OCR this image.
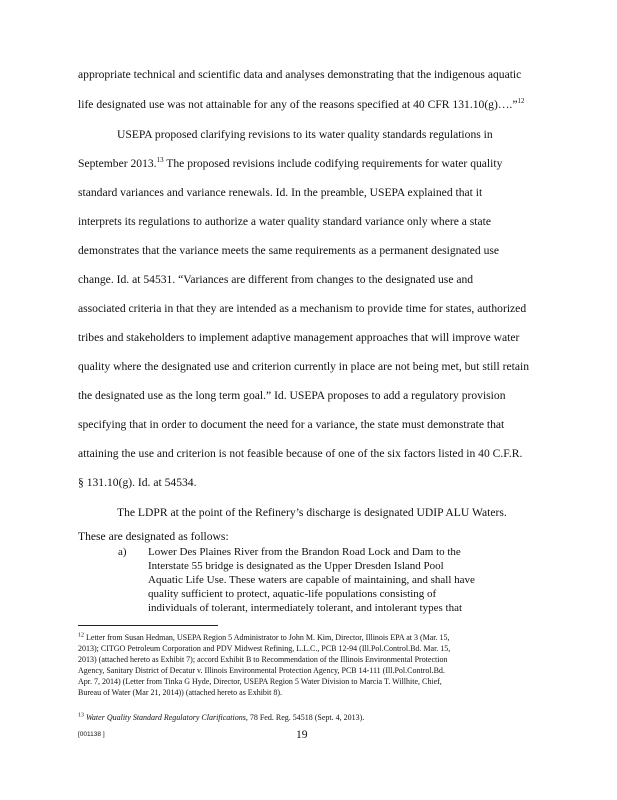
appropriate technical and scientific data and analyses demonstrating that the indigenous aquatic
life designated use was not attainable for any of the reasons specified at 40 CFR 131.10(g)….”$^{12}$
USEPA proposed clarifying revisions to its water quality standards regulations in
September 2013.13 The proposed revisions include codifying requirements for water quality
standard variances and variance renewals. Id. In the preamble, USEPA explained that it
interprets its regulations to authorize a water quality standard variance only where a state
demonstrates that the variance meets the same requirements as a permanent designated use
change. Id. at 54531. “Variances are different from changes to the designated use and
associated criteria in that they are intended as a mechanism to provide time for states, authorized
tribes and stakeholders to implement adaptive management approaches that will improve water
quality where the designated use and criterion currently in place are not being met, but still retain
the designated use as the long term goal.” Id. USEPA proposes to add a regulatory provision
specifying that in order to document the need for a variance, the state must demonstrate that
attaining the use and criterion is not feasible because of one of the six factors listed in 40 C.F.R.
§ 131.10(g). Id. at 54534.
The LDPR at the point of the Refinery’s discharge is designated UDIP ALU Waters.
These are designated as follows:
a) Lower Des Plaines River from the Brandon Road Lock and Dam to the
Interstate 55 bridge is designated as the Upper Dresden Island Pool
Aquatic Life Use. These waters are capable of maintaining, and shall have
quality sufficient to protect, aquatic-life populations consisting of
individuals of tolerant, intermediately tolerant, and intolerant types that
$^{12}$ Letter from Susan Hedman, USEPA Region 5 Administrator to John M. Kim, Director, Illinois EPA at 3 (Mar. 15,
2013); CITGO Petroleum Corporation and PDV Midwest Refining, L.L.C., PCB 12-94 (Ill.Pol.Control.Bd. Mar. 15,
2013) (attached hereto as Exhibit 7); accord Exhibit B to Recommendation of the Illinois Environmental Protection
Agency, Sanitary District of Decatur v. Illinois Environmental Protection Agency, PCB 14-111 (Ill.Pol.Control.Bd.
Apr. 7, 2014) (Letter from Tinka G Hyde, Director, USEPA Region 5 Water Division to Marcia T. Willhite, Chief,
Bureau of Water (Mar 21, 2014)) (attached hereto as Exhibit 8).
$^{13}$ Water Quality Standard Regulatory Clarifications, 78 Fed. Reg. 54518 (Sept. 4, 2013).
[001138 ]	19
